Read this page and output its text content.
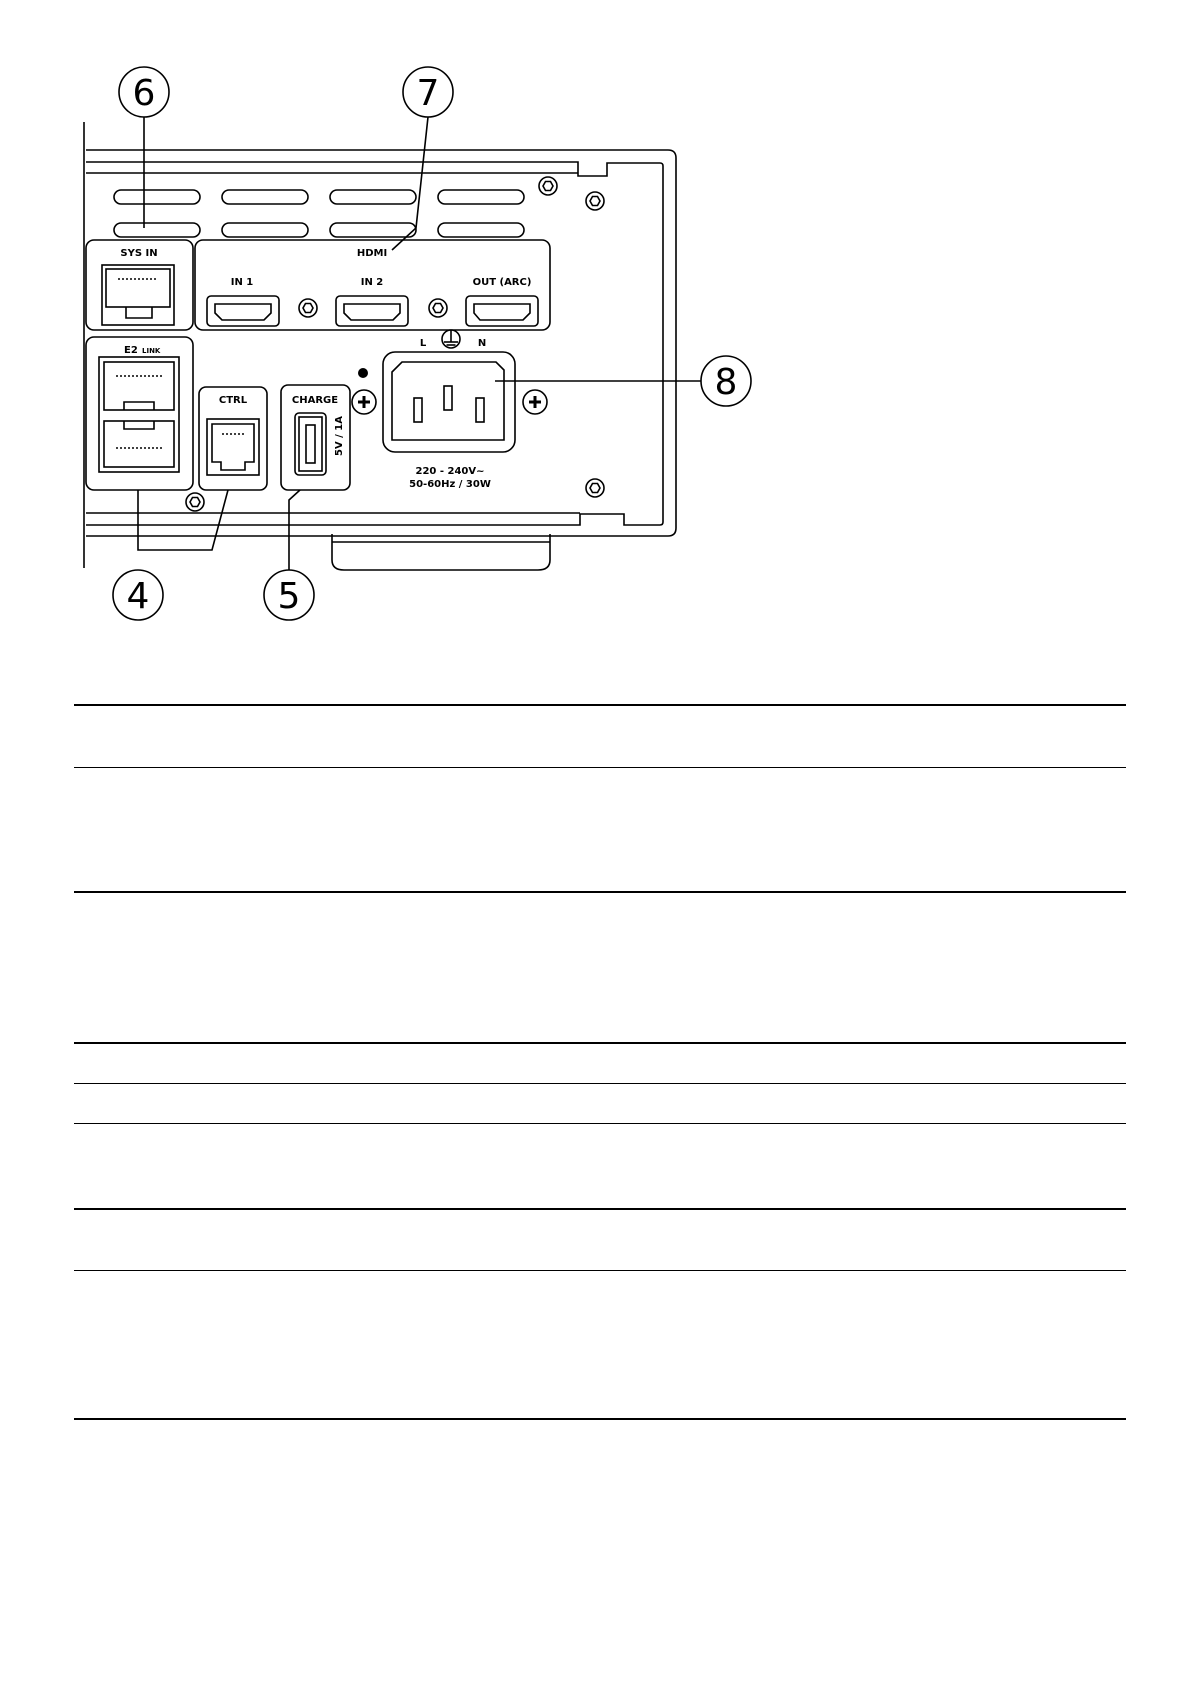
SYS IN	HDMI
IN 1	IN 2	OUT (ARC)
E2 LINK
CTRL	CHARGE
5V / 1A
L	N
220 - 240V~
50-60Hz / 30W
6	7
8
4	5
